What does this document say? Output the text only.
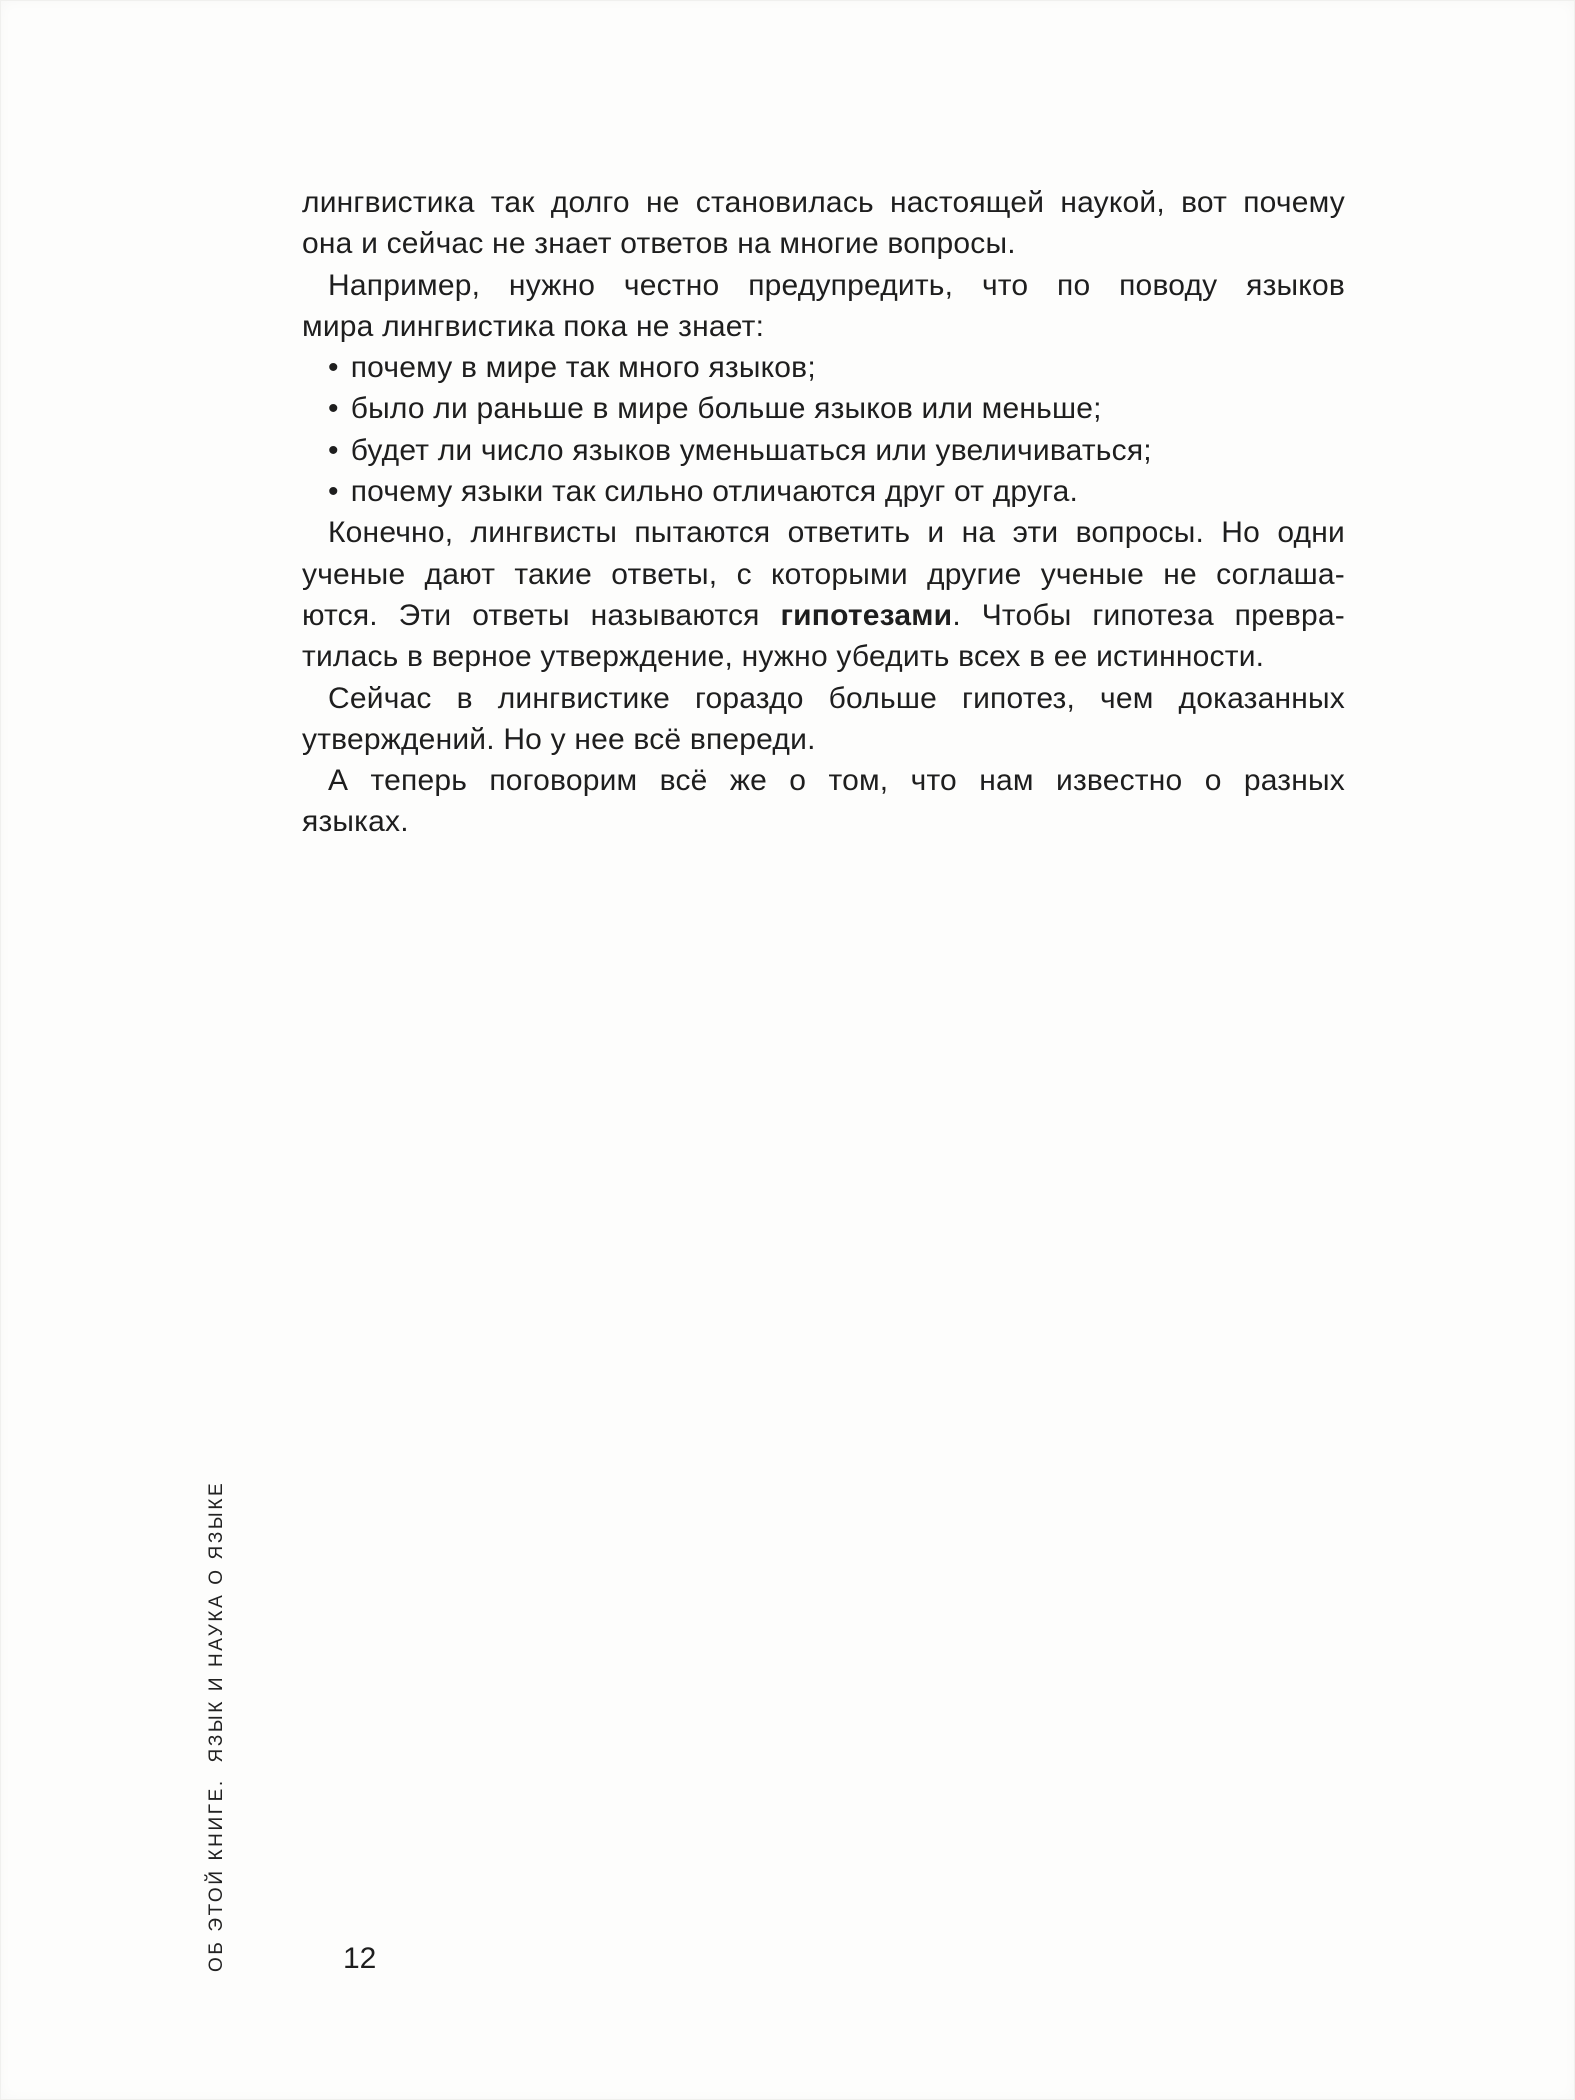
лингвистика так долго не становилась настоящей наукой, вот почему
она и сейчас не знает ответов на многие вопросы.
Например, нужно честно предупредить, что по поводу языков
мира лингвистика пока не знает:
• почему в мире так много языков;
• было ли раньше в мире больше языков или меньше;
• будет ли число языков уменьшаться или увеличиваться;
• почему языки так сильно отличаются друг от друга.
Конечно, лингвисты пытаются ответить и на эти вопросы. Но одни
ученые дают такие ответы, с которыми другие ученые не соглаша-
ются. Эти ответы называются гипотезами. Чтобы гипотеза превра-
тилась в верное утверждение, нужно убедить всех в ее истинности.
Сейчас в лингвистике гораздо больше гипотез, чем доказанных
утверждений. Но у нее всё впереди.
А теперь поговорим всё же о том, что нам известно о разных
языках.
ОБ ЭТОЙ КНИГЕ.  ЯЗЫК И НАУКА О ЯЗЫКЕ	12
